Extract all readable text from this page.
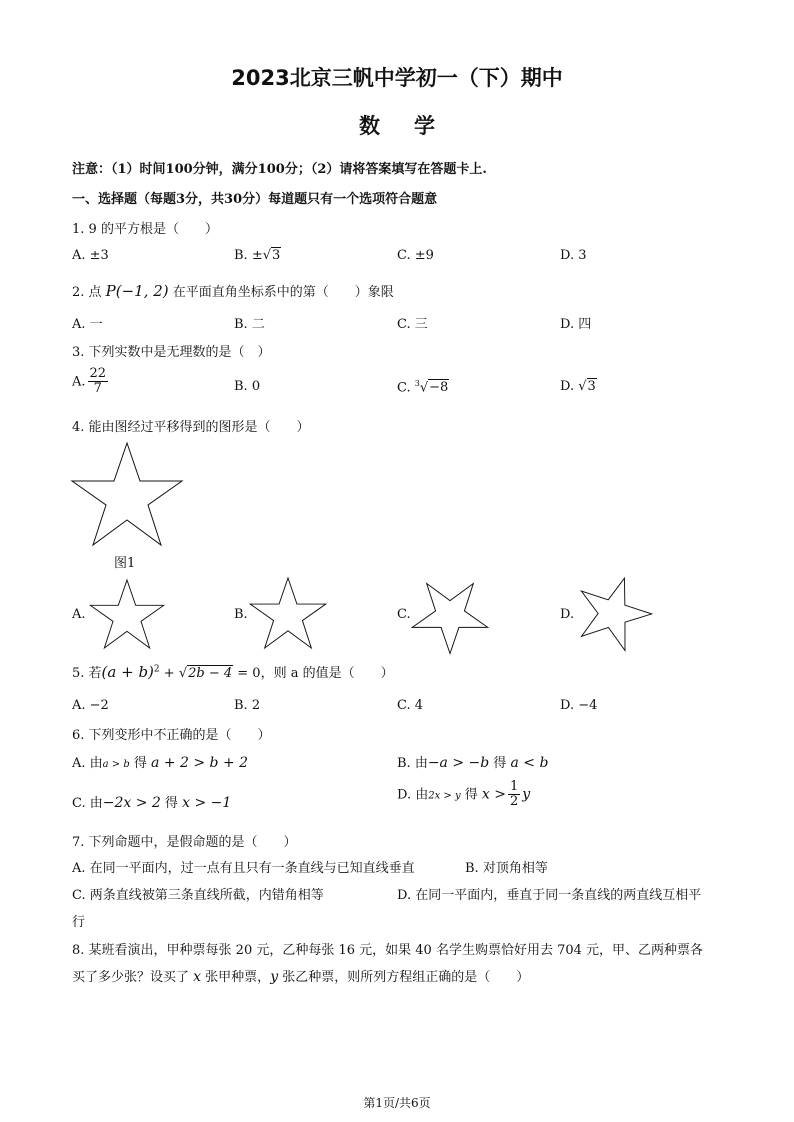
2023北京三帆中学初一（下）期中
数学
注意：（1）时间100分钟，满分100分；（2）请将答案填写在答题卡上.
一、选择题（每题3分，共30分）每道题只有一个选项符合题意
1. 9 的平方根是（　　）
A. ±3	B. ±√3	C. ±9	D. 3
2. 点 P(−1, 2) 在平面直角坐标系中的第（　　）象限
A. 一	B. 二	C. 三	D. 四
3. 下列实数中是无理数的是（　）
A. $\frac{22}{7}$	B. 0	C. $^3$√−8	D. √3
4. 能由图经过平移得到的图形是（　　）
图1
A.	B.	C.	D.
5. 若$(a + b)^2 + √2b - 4 = 0$，则 a 的值是（　　）
A. −2	B. 2	C. 4	D. −4
6. 下列变形中不正确的是（　　）
A. 由a > b 得 a + 2 > b + 2	B. 由−a > −b 得 a < b
C. 由−2x > 2 得 x > −1
D. 由2x > y 得 $x > \frac{1}{2}$ y
7. 下列命题中，是假命题的是（　　）
A. 在同一平面内，过一点有且只有一条直线与已知直线垂直	B. 对顶角相等
C. 两条直线被第三条直线所截，内错角相等	D. 在同一平面内，垂直于同一条直线的两直线互相平
行
8. 某班看演出，甲种票每张 20 元，乙种每张 16 元，如果 40 名学生购票恰好用去 704 元，甲、乙两种票各
买了多少张？设买了 x 张甲种票，y 张乙种票，则所列方程组正确的是（　　）
第1页/共6页
